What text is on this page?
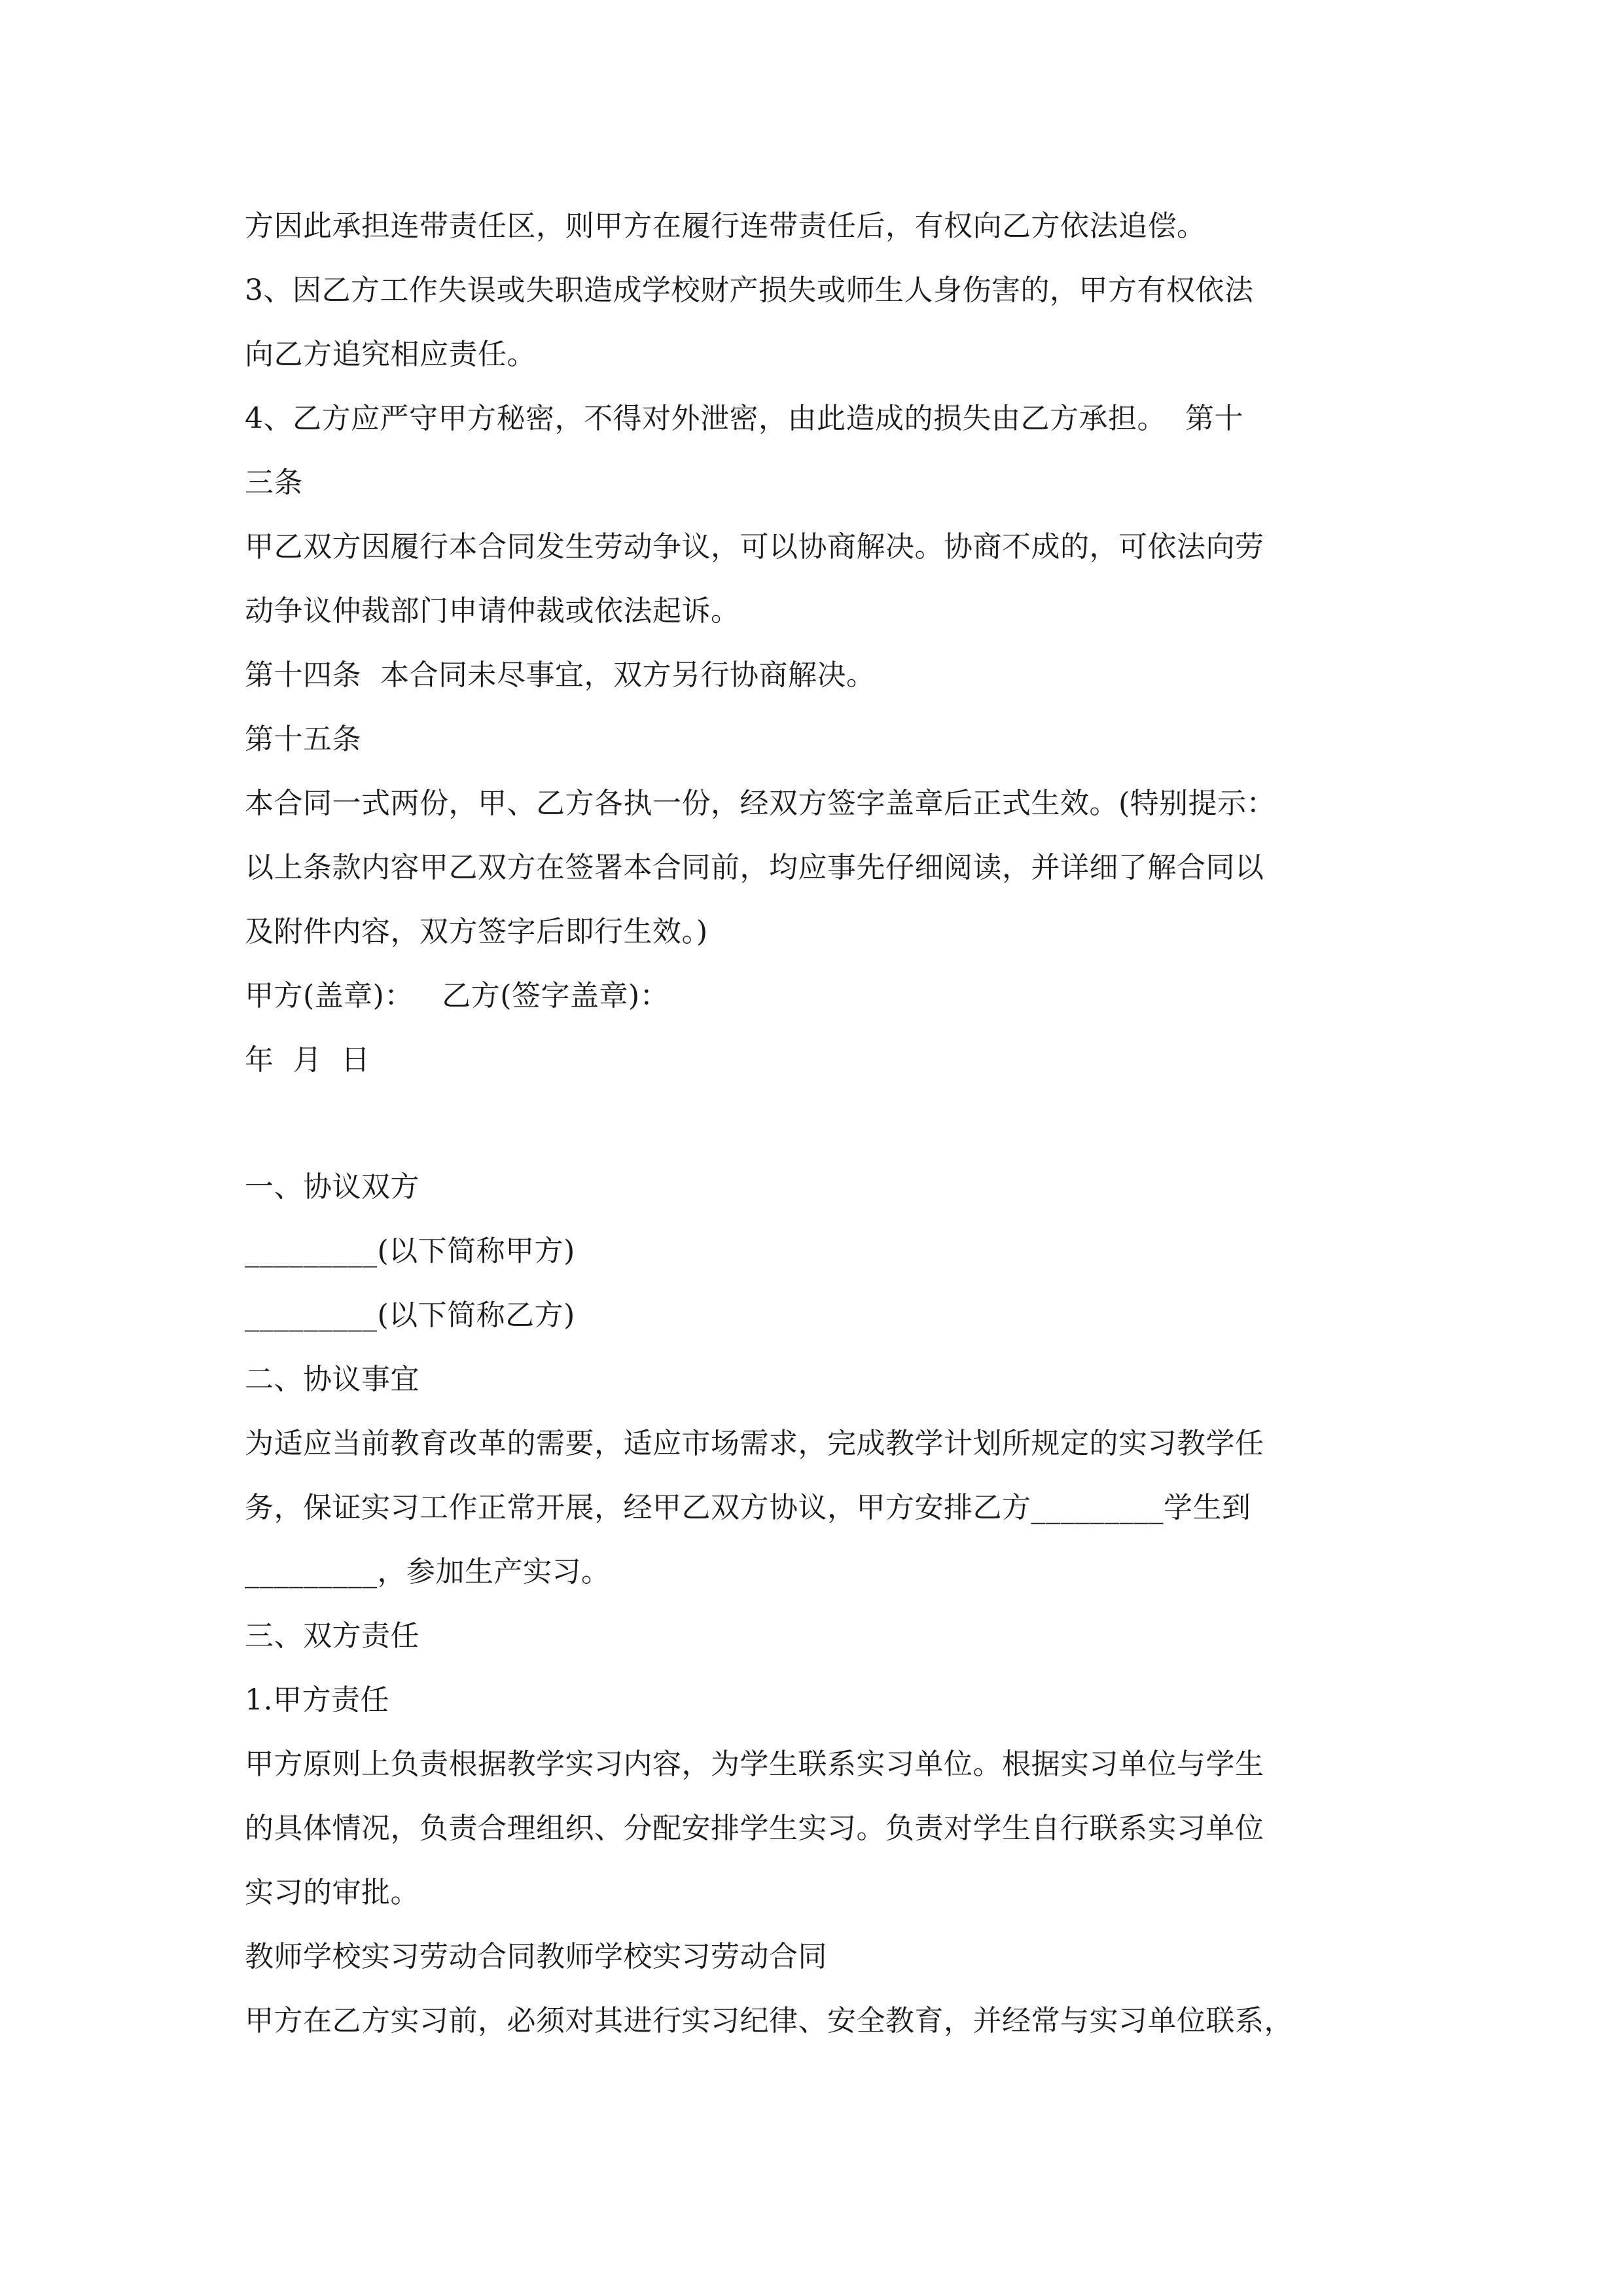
方因此承担连带责任区，则甲方在履行连带责任后，有权向乙方依法追偿。
3、因乙方工作失误或失职造成学校财产损失或师生人身伤害的，甲方有权依法
向乙方追究相应责任。
4、乙方应严守甲方秘密，不得对外泄密，由此造成的损失由乙方承担。  第十
三条
甲乙双方因履行本合同发生劳动争议，可以协商解决。协商不成的，可依法向劳
动争议仲裁部门申请仲裁或依法起诉。
第十四条  本合同未尽事宜，双方另行协商解决。
第十五条
本合同一式两份，甲、乙方各执一份，经双方签字盖章后正式生效。(特别提示：
以上条款内容甲乙双方在签署本合同前，均应事先仔细阅读，并详细了解合同以
及附件内容，双方签字后即行生效。)
甲方(盖章)：   乙方(签字盖章)：
年  月  日
一、协议双方
_________(以下简称甲方)
_________(以下简称乙方)
二、协议事宜
为适应当前教育改革的需要，适应市场需求，完成教学计划所规定的实习教学任
务，保证实习工作正常开展，经甲乙双方协议，甲方安排乙方_________学生到
_________，参加生产实习。
三、双方责任
1.甲方责任
甲方原则上负责根据教学实习内容，为学生联系实习单位。根据实习单位与学生
的具体情况，负责合理组织、分配安排学生实习。负责对学生自行联系实习单位
实习的审批。
教师学校实习劳动合同教师学校实习劳动合同
甲方在乙方实习前，必须对其进行实习纪律、安全教育，并经常与实习单位联系，
